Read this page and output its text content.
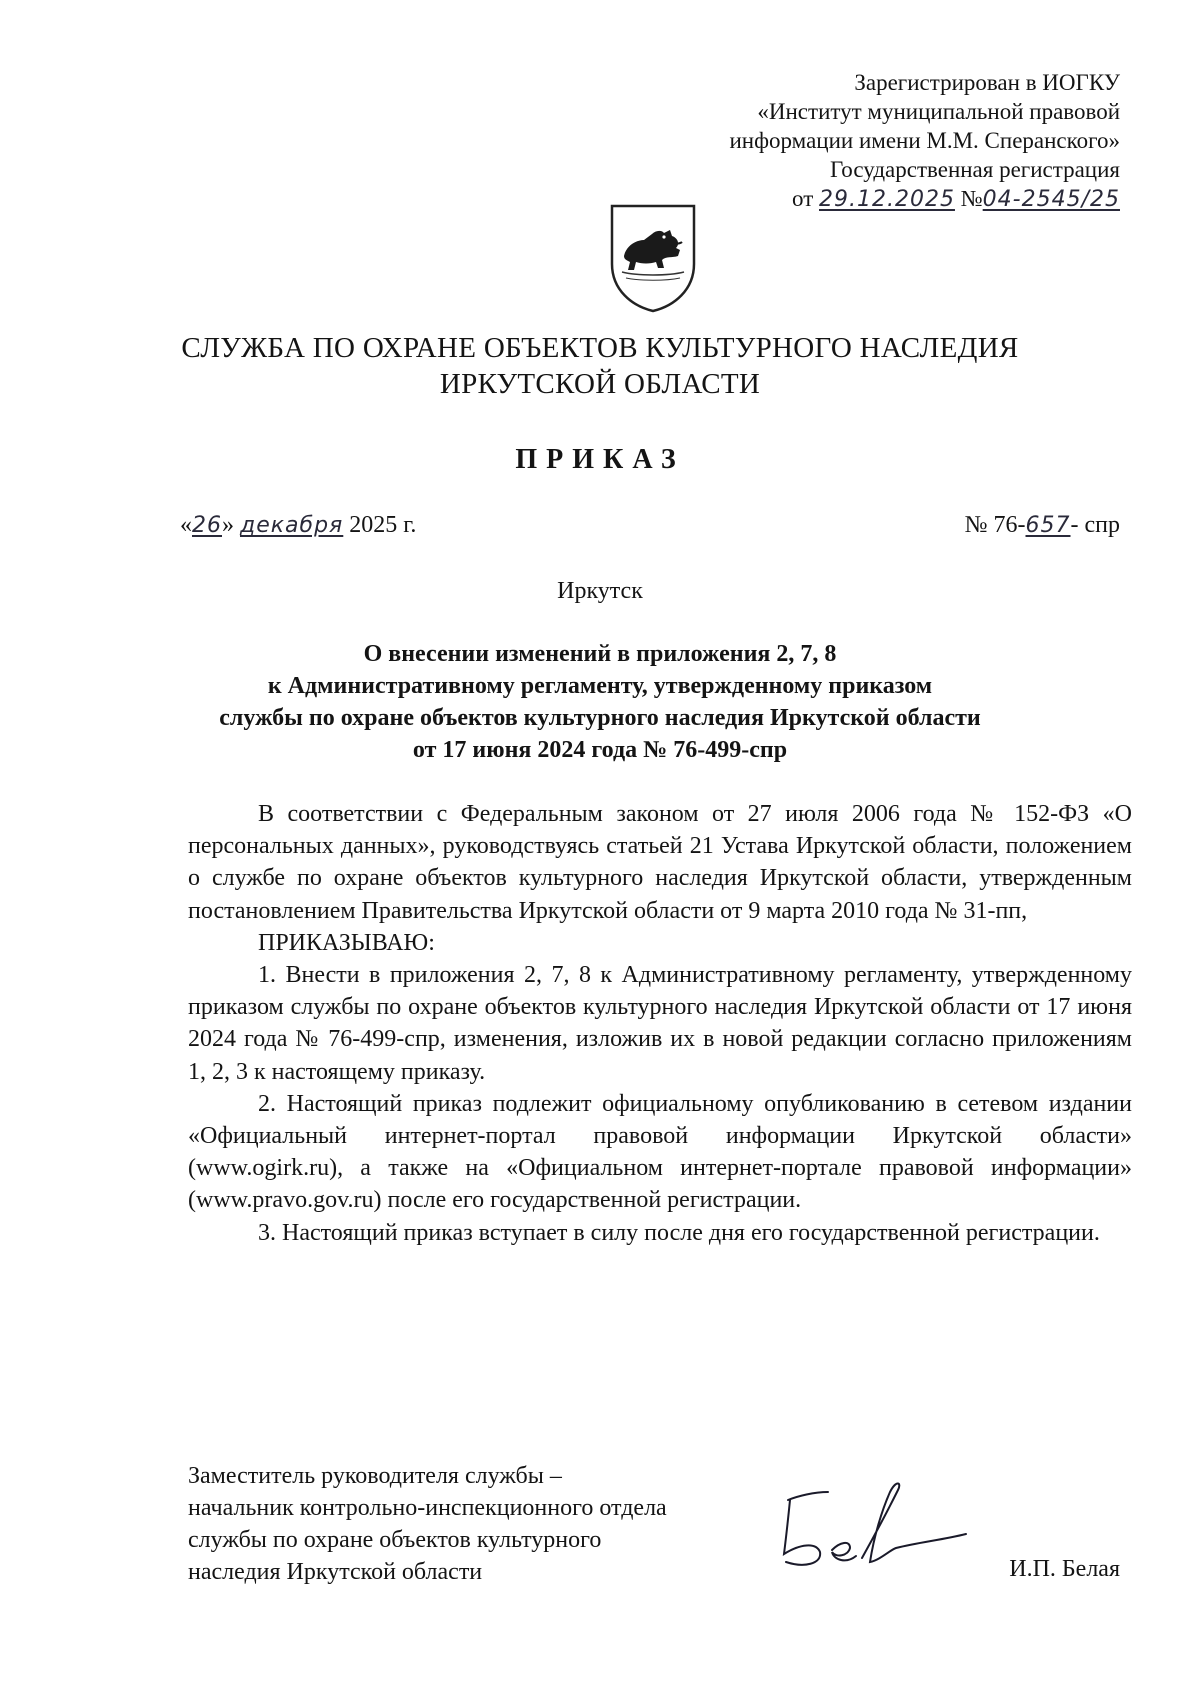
Зарегистрирован в ИОГКУ
«Институт муниципальной правовой
информации имени М.М. Сперанского»
Государственная регистрация
от 29.12.2025 №04-2545/25
СЛУЖБА ПО ОХРАНЕ ОБЪЕКТОВ КУЛЬТУРНОГО НАСЛЕДИЯ
ИРКУТСКОЙ ОБЛАСТИ
ПРИКАЗ
«26» декабря 2025 г.	№ 76-657- спр
Иркутск
О внесении изменений в приложения 2, 7, 8
к Административному регламенту, утвержденному приказом
службы по охране объектов культурного наследия Иркутской области
от 17 июня 2024 года № 76-499-спр

В соответствии с Федеральным законом от 27 июля 2006 года № 152-ФЗ «О персональных данных», руководствуясь статьей 21 Устава Иркутской области, положением о службе по охране объектов культурного наследия Иркутской области, утвержденным постановлением Правительства Иркутской области от 9 марта 2010 года № 31-пп,

ПРИКАЗЫВАЮ:

1. Внести в приложения 2, 7, 8 к Административному регламенту, утвержденному приказом службы по охране объектов культурного наследия Иркутской области от 17 июня 2024 года № 76-499-спр, изменения, изложив их в новой редакции согласно приложениям 1, 2, 3 к настоящему приказу.

2. Настоящий приказ подлежит официальному опубликованию в сетевом издании «Официальный интернет-портал правовой информации Иркутской области» (www.ogirk.ru), а также на «Официальном интернет-портале правовой информации» (www.pravo.gov.ru) после его государственной регистрации.

3. Настоящий приказ вступает в силу после дня его государственной регистрации.

Заместитель руководителя службы –
начальник контрольно-инспекционного отдела
службы по охране объектов культурного
наследия Иркутской области	И.П. Белая
